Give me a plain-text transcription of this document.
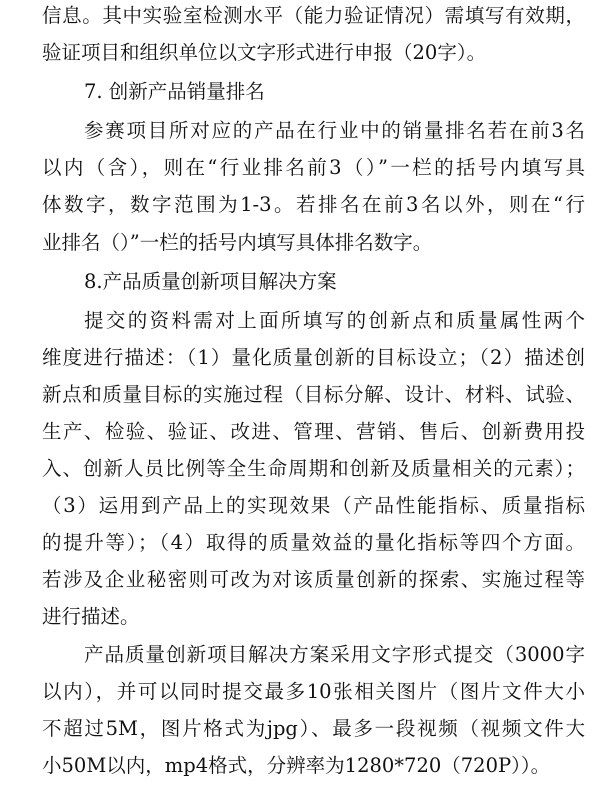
信息。其中实验室检测水平（能力验证情况）需填写有效期，
验证项目和组织单位以文字形式进行申报（20字）。
7. 创新产品销量排名
参赛项目所对应的产品在行业中的销量排名若在前3名
以内（含），则在“行业排名前3（）”一栏的括号内填写具
体数字，数字范围为1-3。若排名在前3名以外，则在“行
业排名（）”一栏的括号内填写具体排名数字。
8.产品质量创新项目解决方案
提交的资料需对上面所填写的创新点和质量属性两个
维度进行描述：（1）量化质量创新的目标设立；（2）描述创
新点和质量目标的实施过程（目标分解、设计、材料、试验、
生产、检验、验证、改进、管理、营销、售后、创新费用投
入、创新人员比例等全生命周期和创新及质量相关的元素）；
（3）运用到产品上的实现效果（产品性能指标、质量指标
的提升等）；（4）取得的质量效益的量化指标等四个方面。
若涉及企业秘密则可改为对该质量创新的探索、实施过程等
进行描述。
产品质量创新项目解决方案采用文字形式提交（3000字
以内），并可以同时提交最多10张相关图片（图片文件大小
不超过5M，图片格式为jpg）、最多一段视频（视频文件大
小50M以内，mp4格式，分辨率为1280*720（720P））。
